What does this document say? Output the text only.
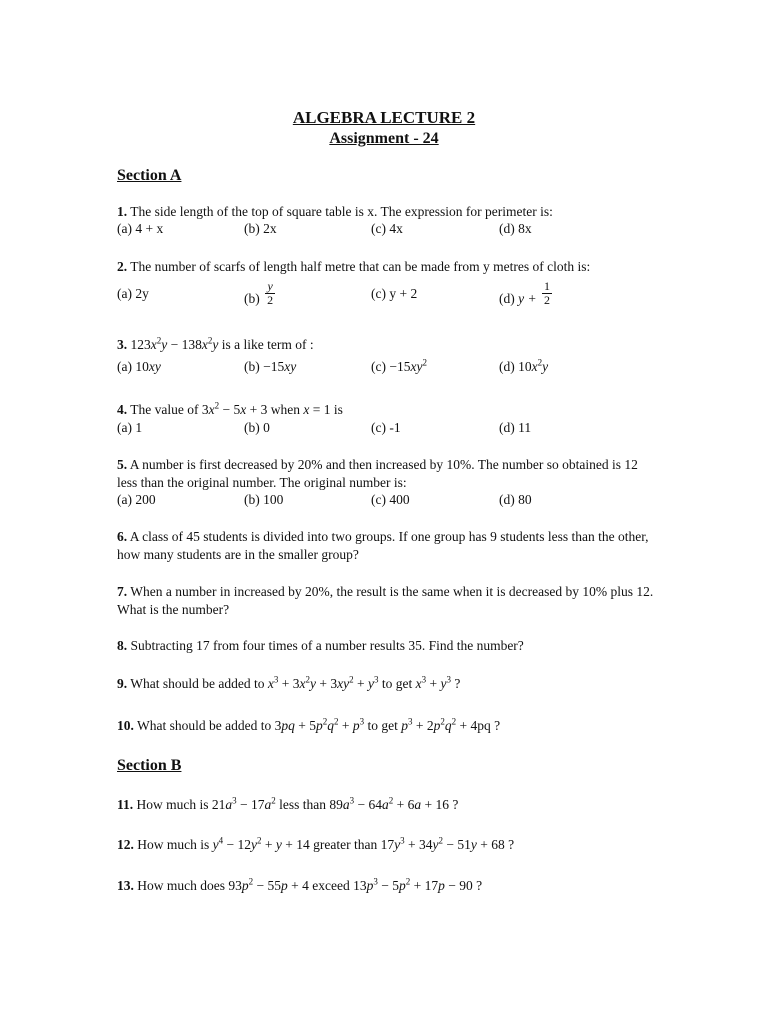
ALGEBRA LECTURE 2
Assignment - 24
Section A
1. The side length of the top of square table is x. The expression for perimeter is:
(a) 4 + x	(b) 2x	(c) 4x	(d) 8x
2. The number of scarfs of length half metre that can be made from y metres of cloth is:
(a) 2y	$(b) \frac{y}{2}$	(c) y + 2	(d) $y + \frac{1}{2}$
3. $123x^2y - 138x^2y$ is a like term of :
(a) 10xy	(b) −15xy	$(c) -15xy^2$	(d) $10x^2y$
4. The value of $3x^2 - 5x + 3$ when x = 1 is
(a) 1	(b) 0	(c) -1	(d) 11
5. A number is first decreased by 20% and then increased by 10%. The number so obtained is 12 less than the original number. The original number is:
(a) 200	(b) 100	(c) 400	(d) 80
6. A class of 45 students is divided into two groups. If one group has 9 students less than the other, how many students are in the smaller group?
7. When a number in increased by 20%, the result is the same when it is decreased by 10% plus 12. What is the number?
8. Subtracting 17 from four times of a number results 35. Find the number?
9. What should be added to $x^3 + 3x^2y + 3xy^2 + y^3$ to get $x^3 + y^3$ ?
10. What should be added to $3pq + 5p^2q^2 + p^3$ to get $p^3 + 2p^2q^2 + 4pq$ ?
Section B
11. How much is $21a^3 - 17a^2$ less than $89a^3 - 64a^2 + 6a + 16$ ?
12. How much is $y^4 - 12y^2 + y + 14$ greater than $17y^3 + 34y^2 - 51y + 68$ ?
13. How much does $93p^2 - 55p + 4$ exceed $13p^3 - 5p^2 + 17p - 90$ ?
